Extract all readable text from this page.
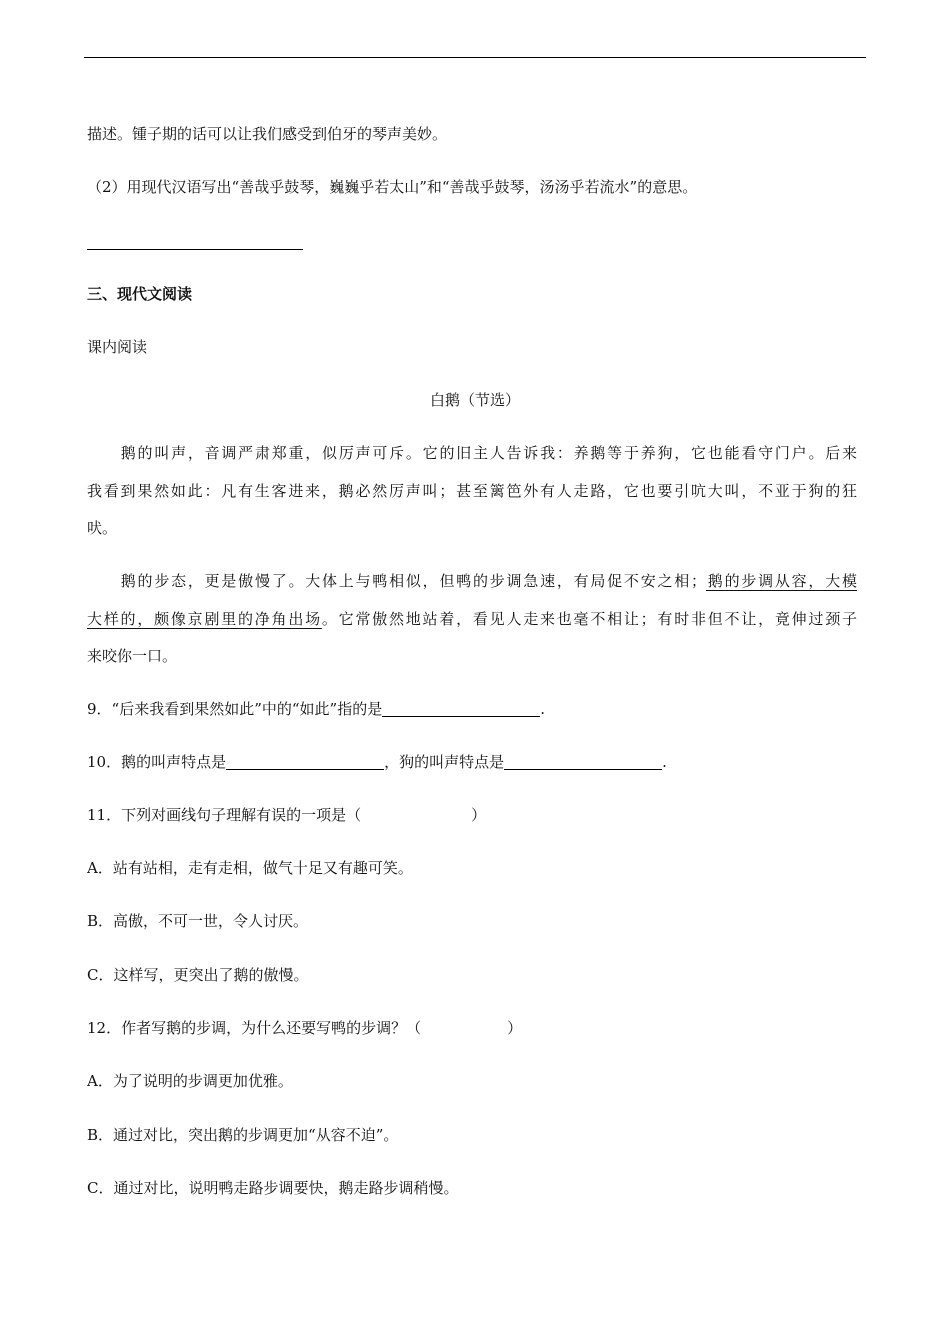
描述。锺子期的话可以让我们感受到伯牙的琴声美妙。
（2）用现代汉语写出“善哉乎鼓琴，巍巍乎若太山”和“善哉乎鼓琴，汤汤乎若流水”的意思。
三、现代文阅读
课内阅读
白鹅（节选）
鹅的叫声，音调严肃郑重，似厉声可斥。它的旧主人告诉我：养鹅等于养狗，它也能看守门户。后来
我看到果然如此：凡有生客进来，鹅必然厉声叫；甚至篱笆外有人走路，它也要引吭大叫，不亚于狗的狂
吠。
鹅的步态，更是傲慢了。大体上与鸭相似，但鸭的步调急速，有局促不安之相；鹅的步调从容，大模
大样的，颇像京剧里的净角出场。它常傲然地站着，看见人走来也毫不相让；有时非但不让，竟伸过颈子
来咬你一口。
9．“后来我看到果然如此”中的“如此”指的是	.
10．鹅的叫声特点是	，狗的叫声特点是	.
11．下列对画线句子理解有误的一项是（	）
A．站有站相，走有走相，做气十足又有趣可笑。
B．高傲，不可一世，令人讨厌。
C．这样写，更突出了鹅的傲慢。
12．作者写鹅的步调，为什么还要写鸭的步调？（	）
A．为了说明的步调更加优雅。
B．通过对比，突出鹅的步调更加“从容不迫”。
C．通过对比，说明鸭走路步调要快，鹅走路步调稍慢。
